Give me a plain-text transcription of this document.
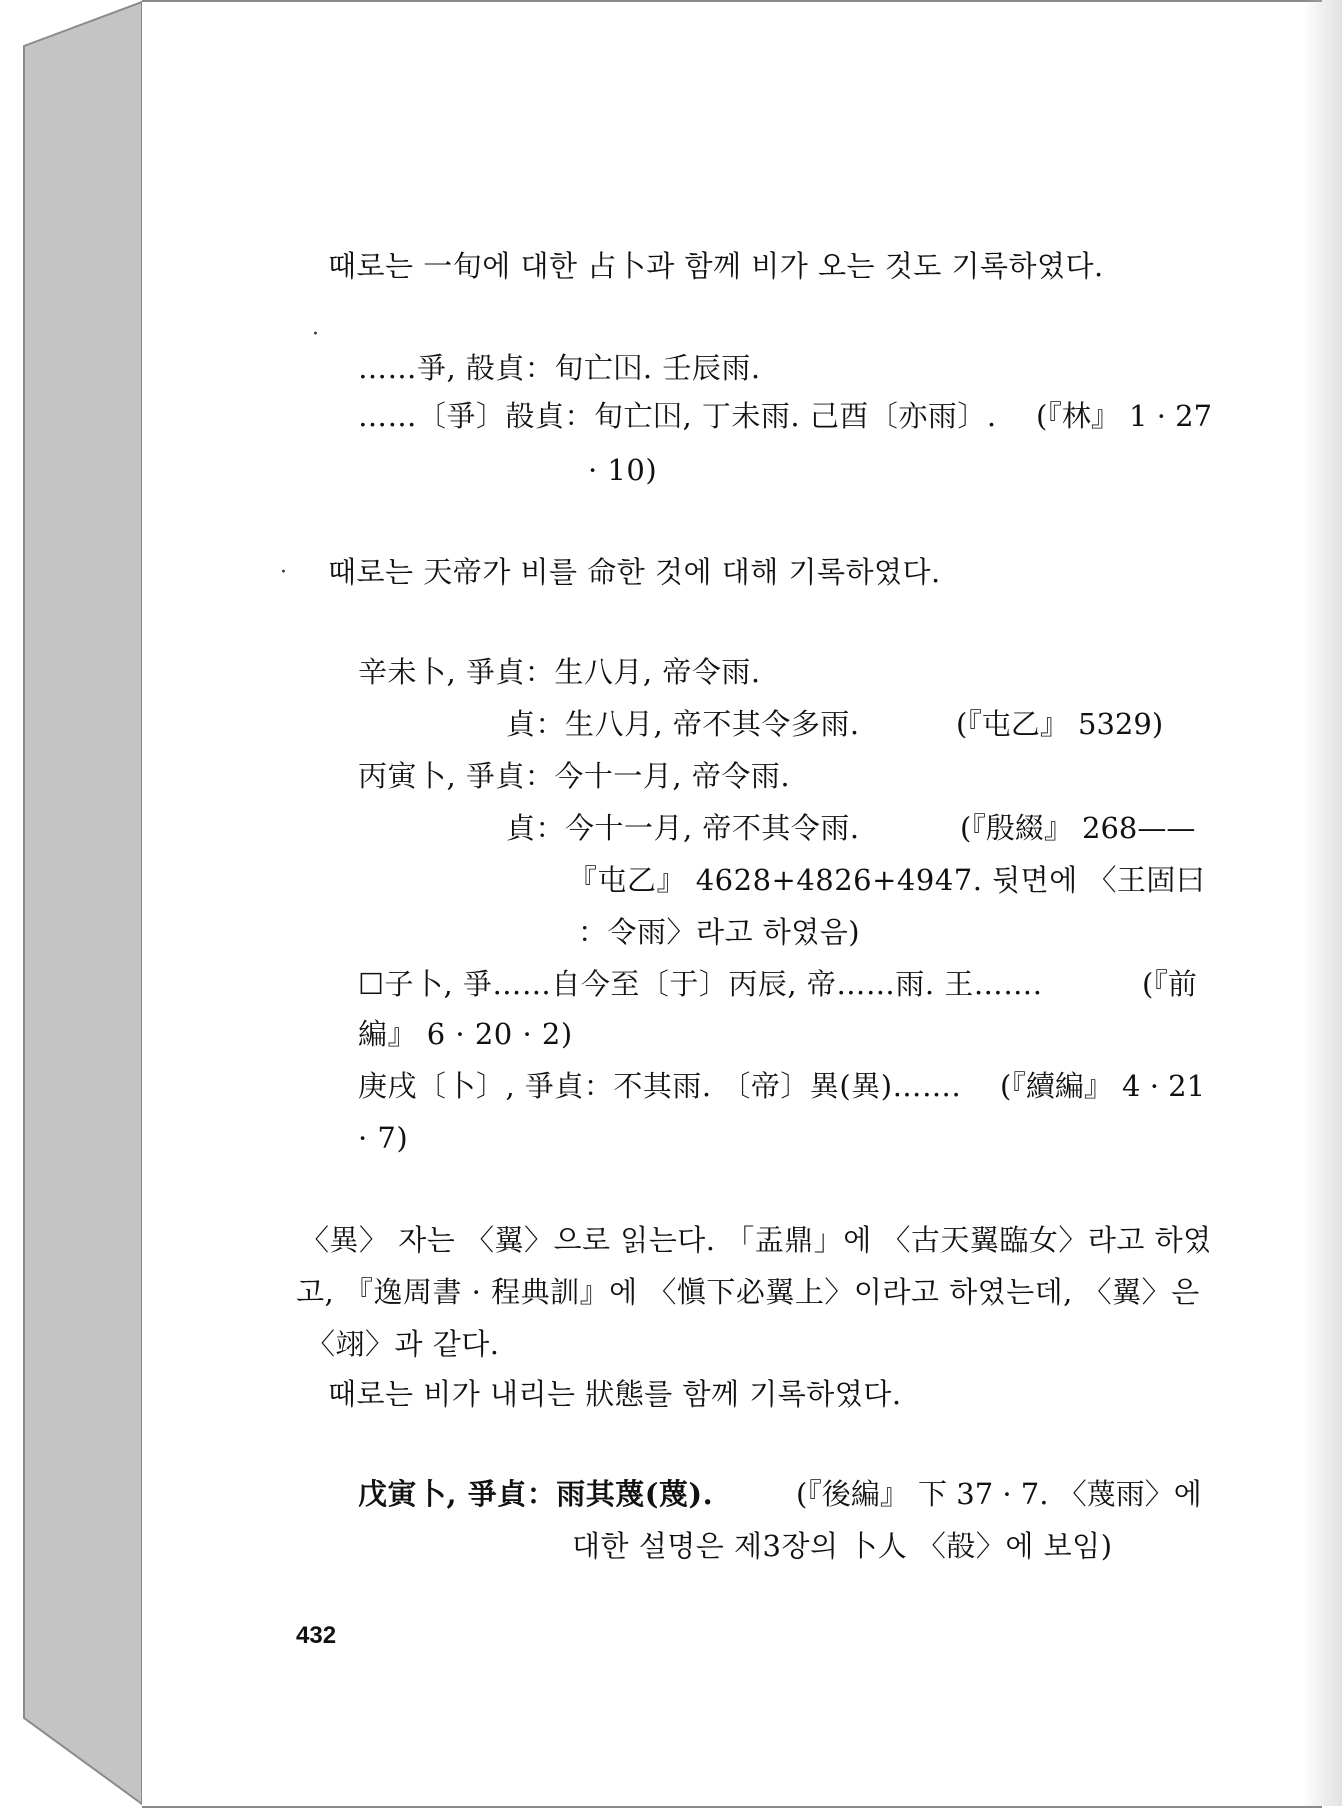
때로는 一旬에 대한 占卜과 함께 비가 오는 것도 기록하였다.
·
……爭, 㱿貞：旬亡𡆥. 壬辰雨.
……〔爭〕㱿貞：旬亡𡆥, 丁未雨. 己酉〔亦雨〕. (『林』 1 · 27
· 10)
· 때로는 天帝가 비를 命한 것에 대해 기록하였다.
辛未卜, 爭貞：生八月, 帝令雨.
貞：生八月, 帝不其令多雨.	(『屯乙』 5329)
丙寅卜, 爭貞：今十一月, 帝令雨.
貞：今十一月, 帝不其令雨.	(『殷綴』 268——
『屯乙』 4628+4826+4947. 뒷면에 〈王固曰
：令雨〉라고 하였음)
☐子卜, 爭……自今至〔于〕丙辰, 帝……雨. 王…….	(『前
編』 6 · 20 · 2)
庚戌〔卜〕, 爭貞：不其雨. 〔帝〕異(異)……. (『續編』 4 · 21
· 7)
〈異〉 자는 〈翼〉으로 읽는다. 「盂鼎」에 〈古天翼臨女〉라고 하였
고, 『逸周書 · 程典訓』에 〈愼下必翼上〉이라고 하였는데, 〈翼〉은
〈翊〉과 같다.
때로는 비가 내리는 狀態를 함께 기록하였다.
戊寅卜, 爭貞：雨其蔑(蔑).	(『後編』 下 37 · 7. 〈蔑雨〉에
대한 설명은 제3장의 卜人 〈㱿〉에 보임)
432
